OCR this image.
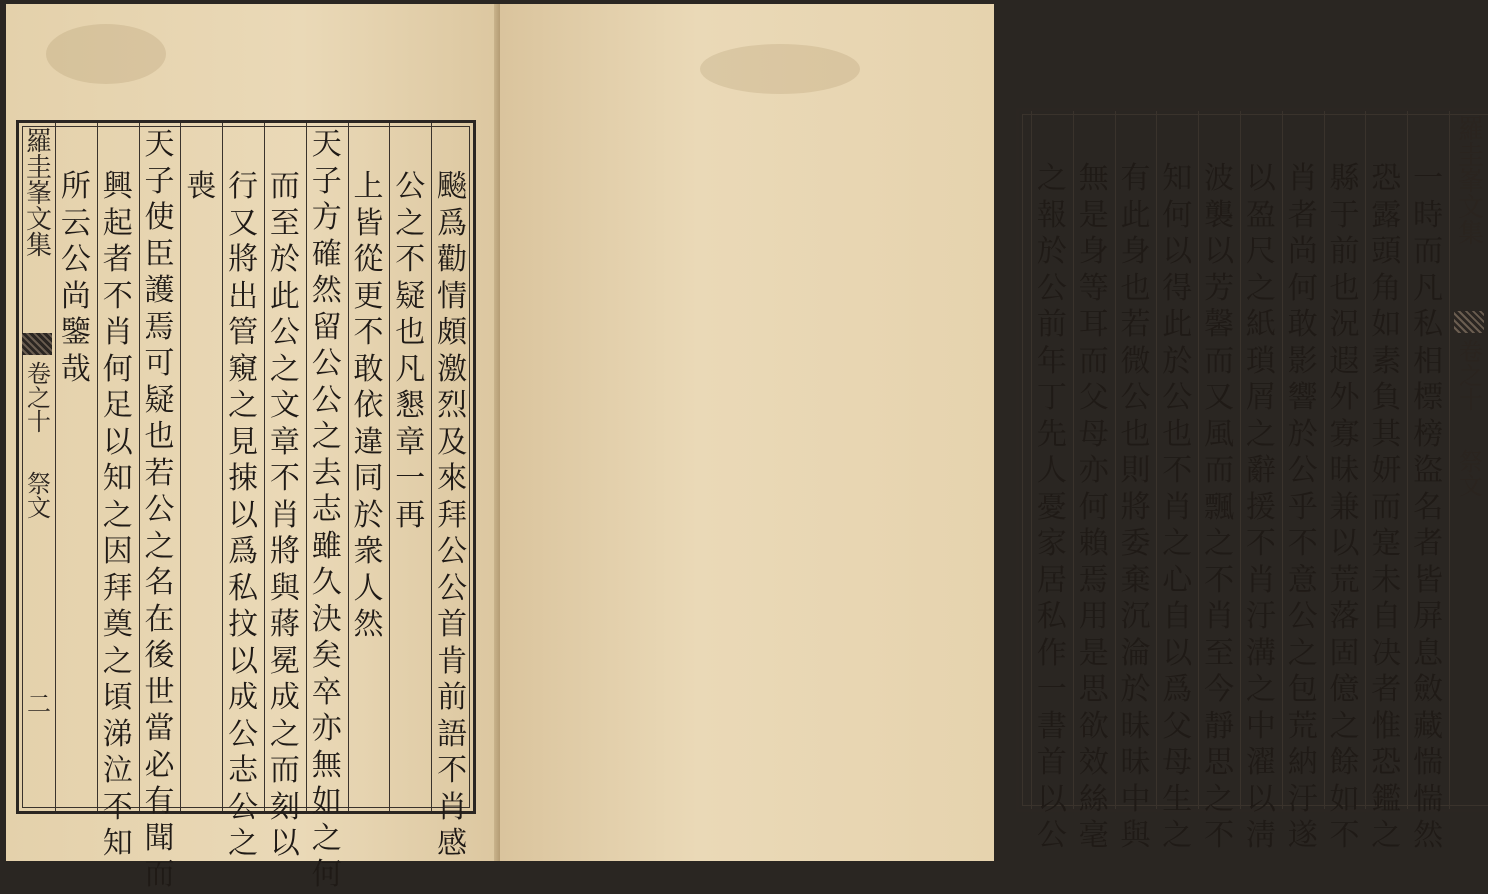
羅圭峯文集
卷之十
祭文
二
飈
爲
勸
情
頗
激
烈
及
來
拜
公
公
首
肯
前
語
不
肖
感
公
之
不
疑
也
凡
懇
章
一
再
上
皆
從
更
不
敢
依
違
同
於
衆
人
然
天
子
方
確
然
留
公
公
之
去
志
雖
久
決
矣
卒
亦
無
如
之
何
而
至
於
此
公
之
文
章
不
肖
將
與
蔣
冕
成
之
而
刻
以
行
又
將
出
管
窺
之
見
捒
以
爲
私
抆
以
成
公
志
公
之
喪
天
子
使
臣
護
焉
可
疑
也
若
公
之
名
在
後
世
當
必
有
聞
而
興
起
者
不
肖
何
足
以
知
之
因
拜
奠
之
頃
涕
泣
不
知
所
云
公
尚
鑒
哉
一
時
而
凡
私
相
標
榜
盜
名
者
皆
屏
息
斂
藏
惴
惴
然
恐
露
頭
角
如
素
負
其
妍
而
寔
未
自
决
者
惟
恐
鑑
之
縣
于
前
也
況
遐
外
寡
昧
兼
以
荒
落
固
億
之
餘
如
不
肖
者
尚
何
敢
影
響
於
公
乎
不
意
公
之
包
荒
納
汙
遂
以
盈
尺
之
紙
瑣
屑
之
辭
援
不
肖
汙
溝
之
中
濯
以
淸
波
襲
以
芳
馨
而
又
風
而
飄
之
不
肖
至
今
靜
思
之
不
知
何
以
得
此
於
公
也
不
肖
之
心
自
以
爲
父
母
生
之
有
此
身
也
若
微
公
也
則
將
委
棄
沉
淪
於
昧
昧
中
與
無
是
身
等
耳
而
父
母
亦
何
賴
焉
用
是
思
欲
效
絲
毫
之
報
於
公
前
年
丁
先
人
憂
家
居
私
作
一
書
首
以
公
羅圭峯文集
卷之十
祭文
